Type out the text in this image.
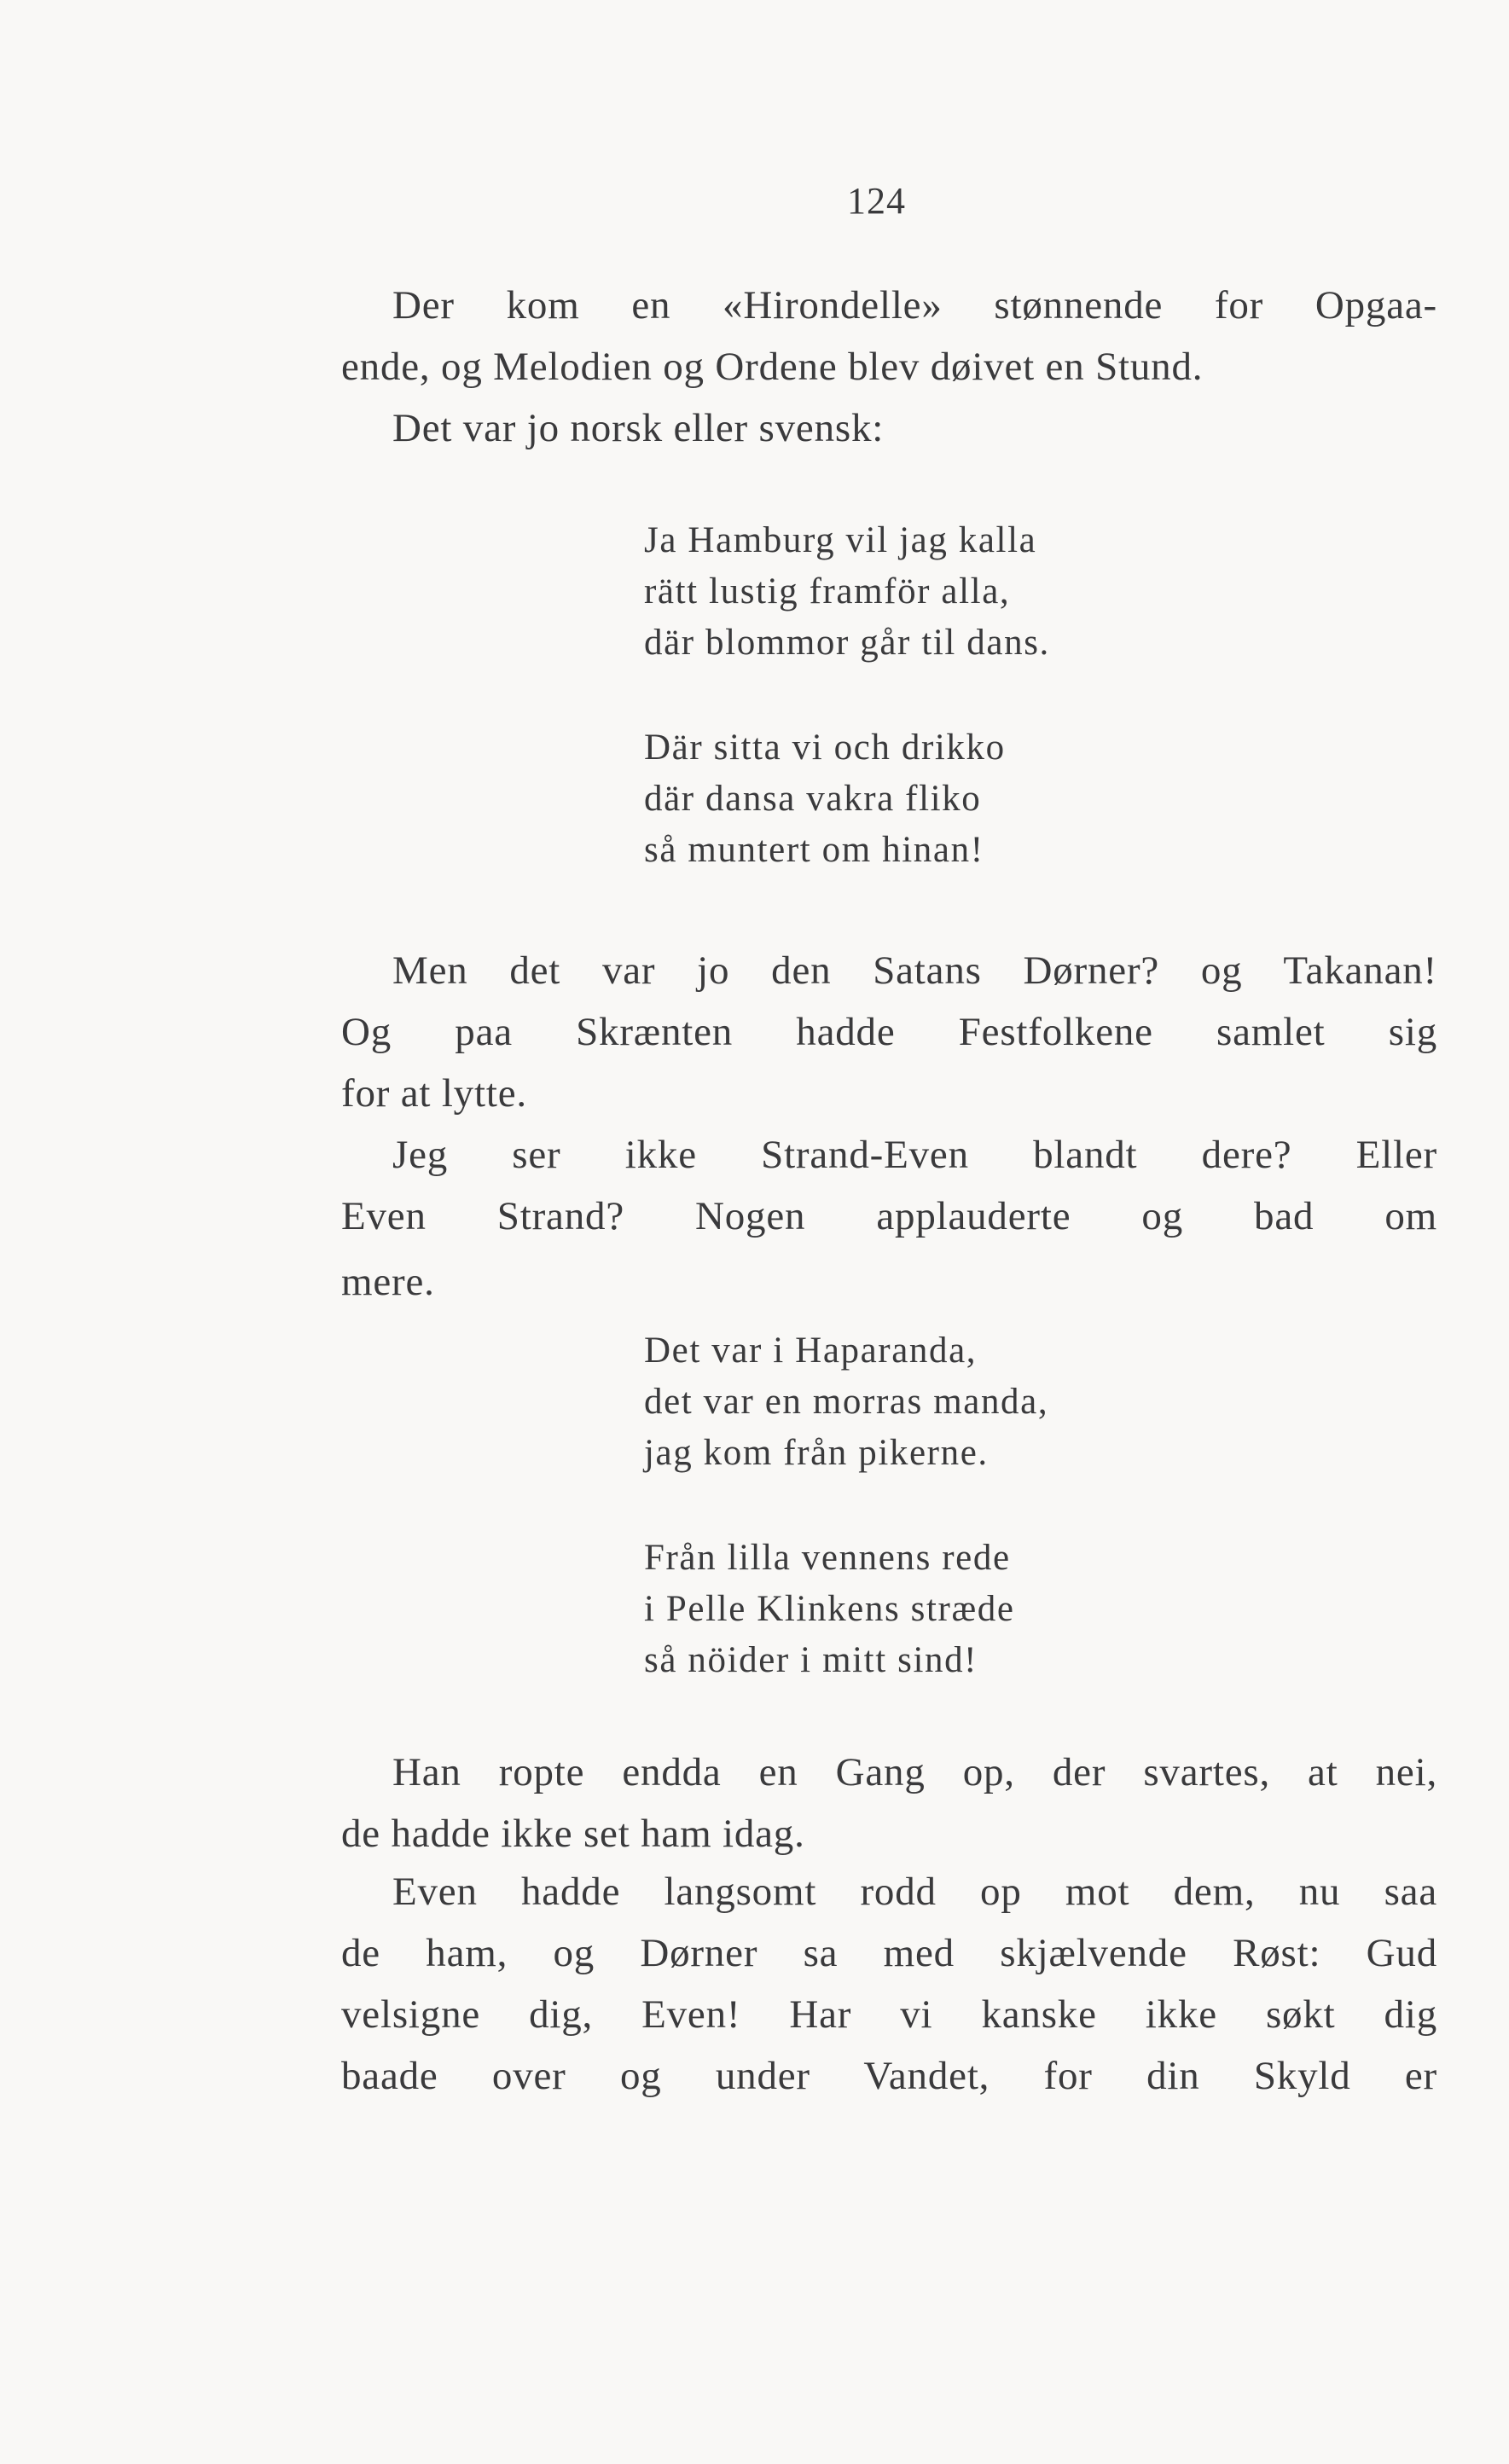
124
Der kom en «Hirondelle» stønnende for Opgaa-
ende, og Melodien og Ordene blev døivet en Stund.
Det var jo norsk eller svensk:
Ja Hamburg vil jag kalla
rätt lustig framför alla,
där blommor går til dans.
Där sitta vi och drikko
där dansa vakra fliko
så muntert om hinan!
Men det var jo den Satans Dørner? og Takanan!
Og paa Skrænten hadde Festfolkene samlet sig
for at lytte.
Jeg ser ikke Strand-Even blandt dere? Eller
Even Strand? Nogen applauderte og bad om
mere.
Det var i Haparanda,
det var en morras manda,
jag kom från pikerne.
Från lilla vennens rede
i Pelle Klinkens stræde
så nöider i mitt sind!
Han ropte endda en Gang op, der svartes, at nei,
de hadde ikke set ham idag.
Even hadde langsomt rodd op mot dem, nu saa
de ham, og Dørner sa med skjælvende Røst: Gud
velsigne dig, Even! Har vi kanske ikke søkt dig
baade over og under Vandet, for din Skyld er
